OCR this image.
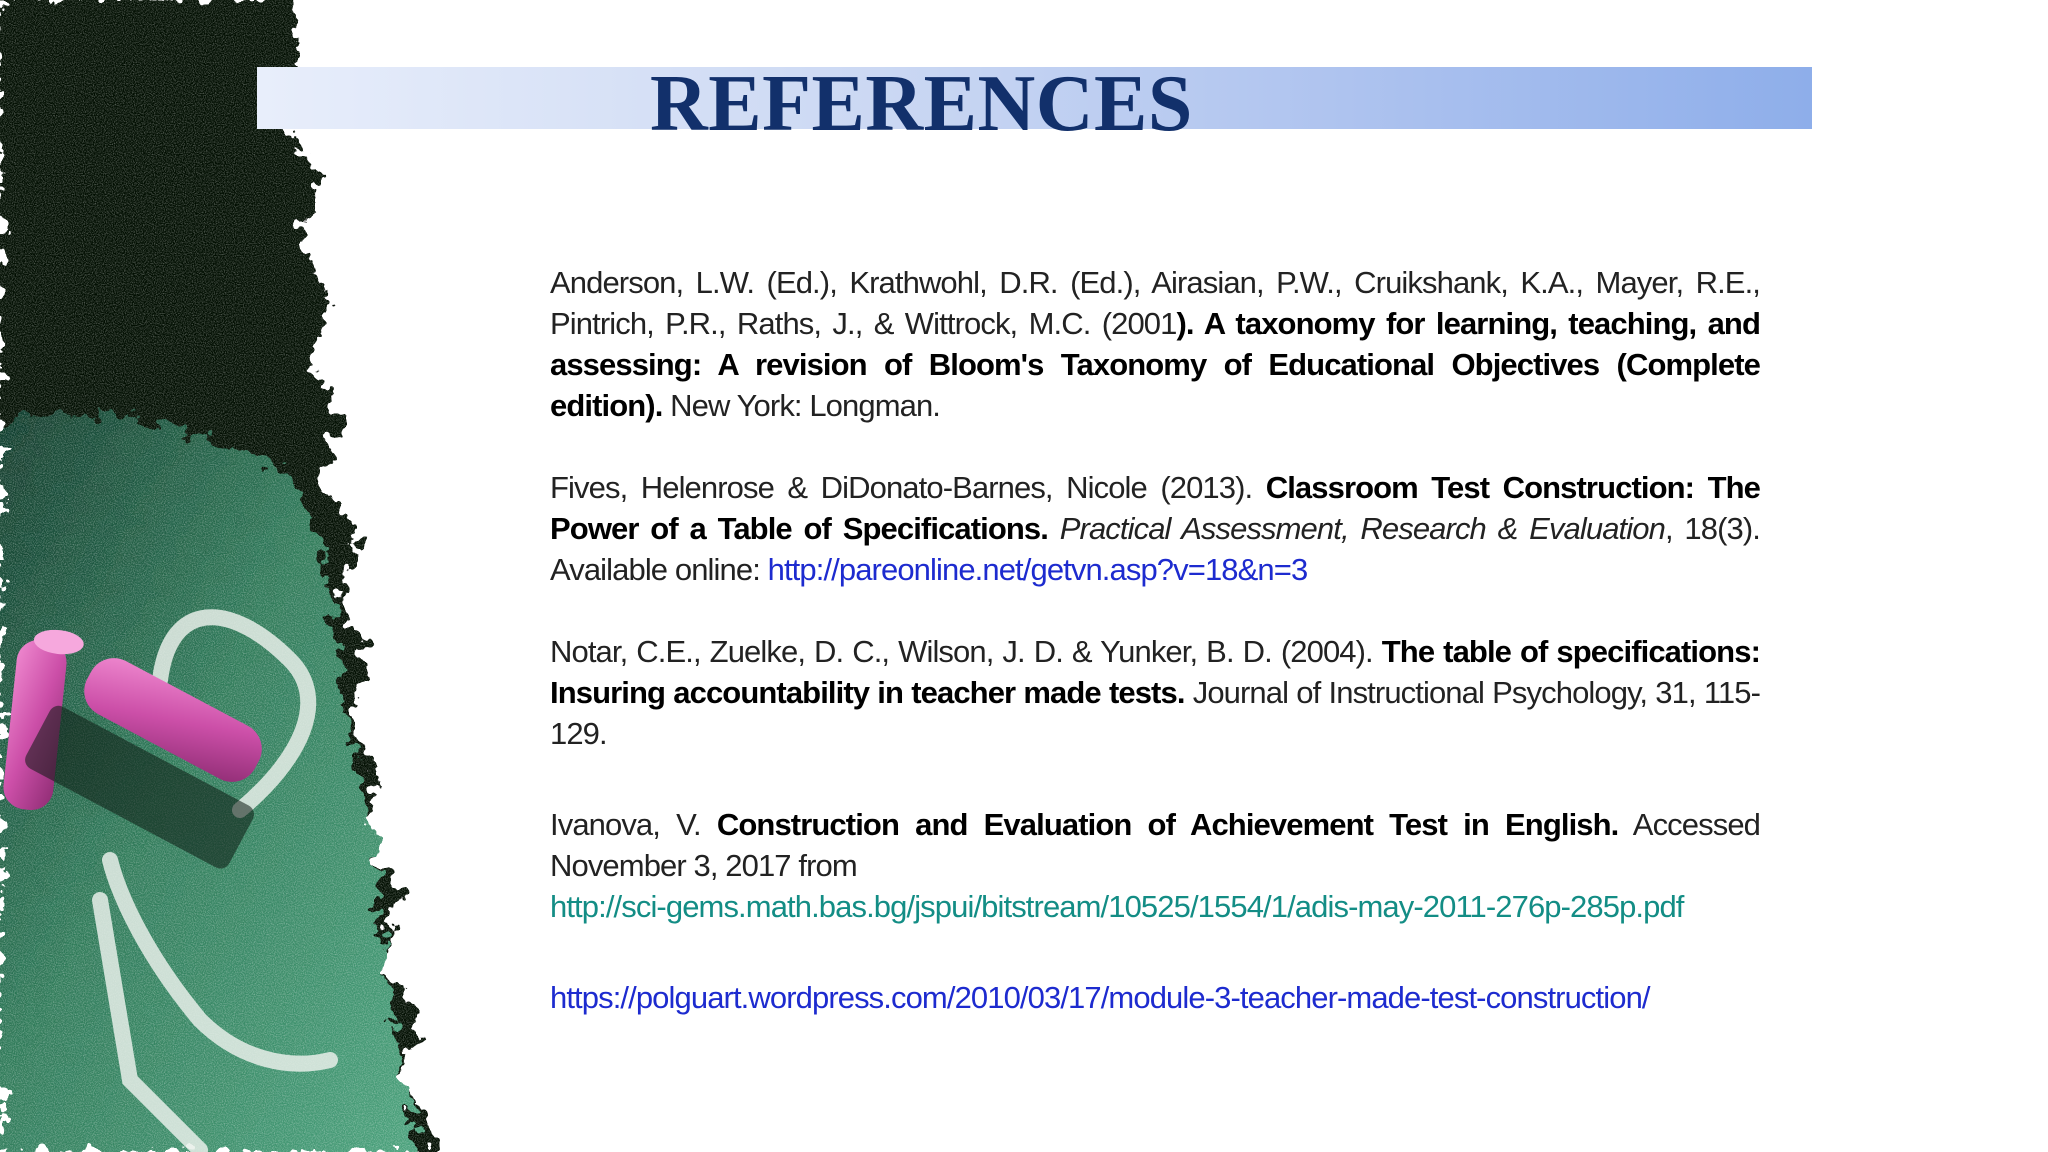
REFERENCES

Anderson, L.W. (Ed.), Krathwohl, D.R. (Ed.), Airasian, P.W., Cruikshank, K.A., Mayer, R.E., Pintrich, P.R., Raths, J., & Wittrock, M.C. (2001). A taxonomy for learning, teaching, and assessing: A revision of Bloom's Taxonomy of Educational Objectives (Complete edition). New York: Longman.

Fives, Helenrose & DiDonato-Barnes, Nicole (2013). Classroom Test Construction: The Power of a Table of Specifications. Practical Assessment, Research & Evaluation, 18(3). Available online: http://pareonline.net/getvn.asp?v=18&n=3

Notar, C.E., Zuelke, D. C., Wilson, J. D. & Yunker, B. D. (2004). The table of specifications: Insuring accountability in teacher made tests. Journal of Instructional Psychology, 31, 115-129.

Ivanova, V. Construction and Evaluation of Achievement Test in English. Accessed November 3, 2017 from
http://sci-gems.math.bas.bg/jspui/bitstream/10525/1554/1/adis-may-2011-276p-285p.pdf

https://polguart.wordpress.com/2010/03/17/module-3-teacher-made-test-construction/
